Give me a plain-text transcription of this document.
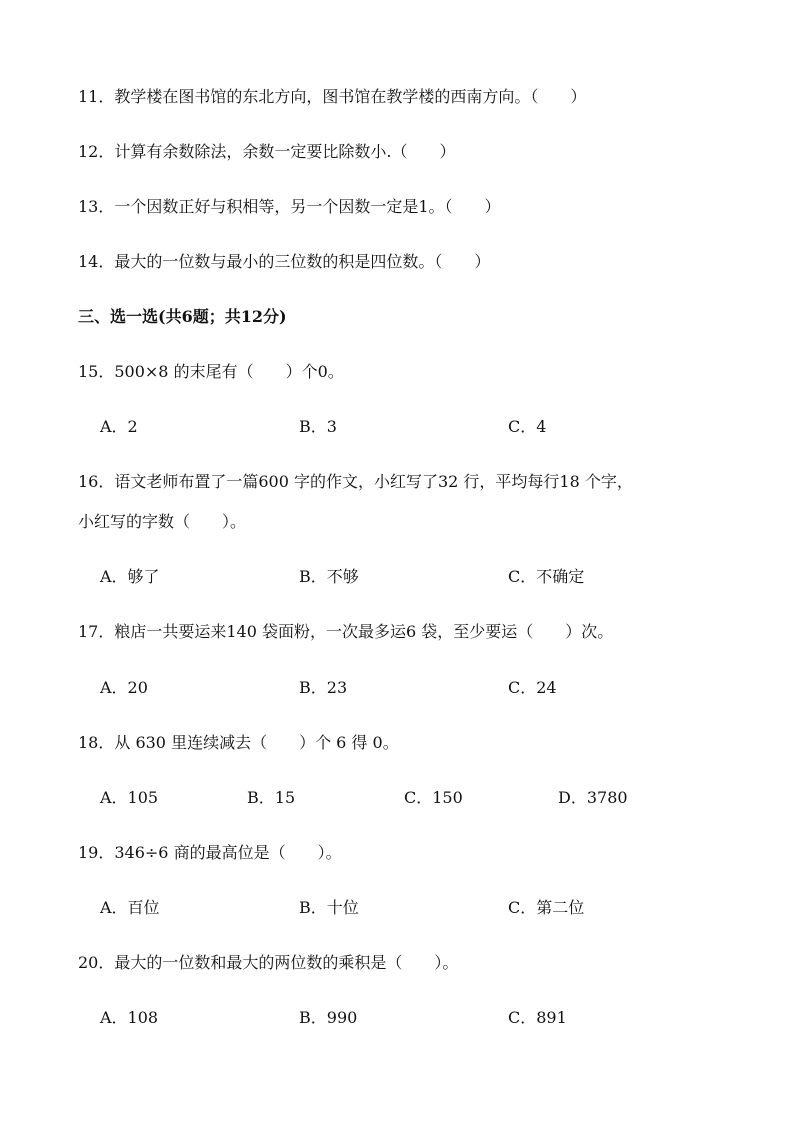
11．教学楼在图书馆的东北方向，图书馆在教学楼的西南方向。（　　）
12．计算有余数除法，余数一定要比除数小.（　　）
13．一个因数正好与积相等，另一个因数一定是1。（　　）
14．最大的一位数与最小的三位数的积是四位数。（　　）
三、选一选(共6题；共12分)
15．500×8 的末尾有（　　）个0。
A．2	B．3	C．4
16．语文老师布置了一篇600 字的作文，小红写了32 行，平均每行18 个字，
小红写的字数（　　）。
A．够了	B．不够	C．不确定
17．粮店一共要运来140 袋面粉，一次最多运6 袋，至少要运（　　）次。
A．20	B．23	C．24
18．从 630 里连续减去（　　）个 6 得 0。
A．105	B．15	C．150	D．3780
19．346÷6 商的最高位是（　　）。
A．百位	B．十位	C．第二位
20．最大的一位数和最大的两位数的乘积是（　　）。
A．108	B．990	C．891
